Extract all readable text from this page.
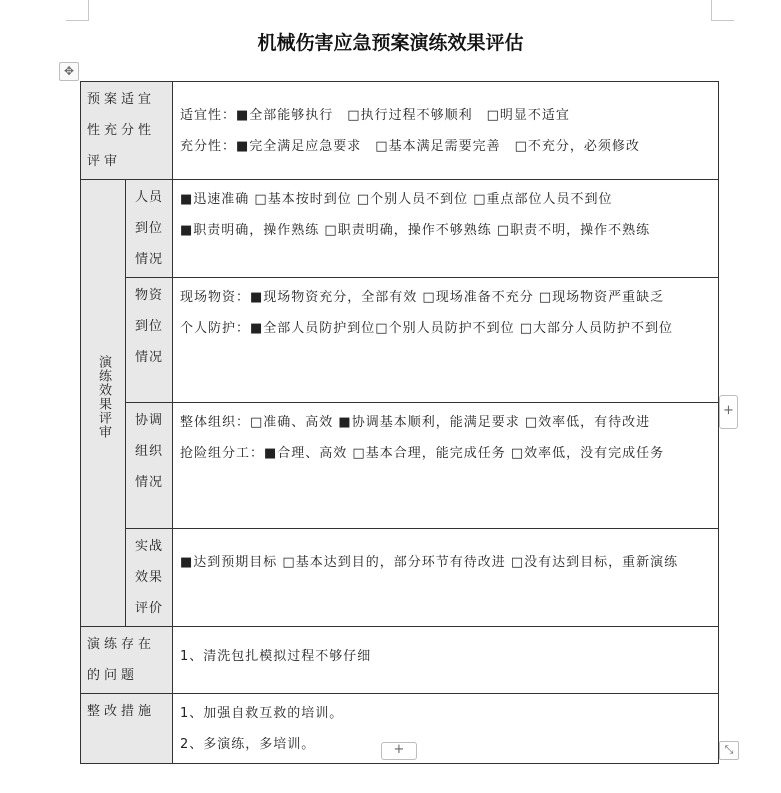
机械伤害应急预案演练效果评估
✥
预案适宜性充分性评审		适宜性：■全部能够执行　□执行过程不够顺利　□明显不适宜
充分性：■完全满足应急要求　□基本满足需要完善　□不充分，必须修改

演练效果评审	人员到位情况	■迅速准确 □基本按时到位 □个别人员不到位 □重点部位人员不到位
■职责明确，操作熟练 □职责明确，操作不够熟练 □职责不明，操作不熟练

	物资到位情况	现场物资：■现场物资充分，全部有效 □现场准备不充分 □现场物资严重缺乏
个人防护：■全部人员防护到位□个别人员防护不到位 □大部分人员防护不到位

	协调组织情况	整体组织：□准确、高效 ■协调基本顺利，能满足要求 □效率低，有待改进
抢险组分工：■合理、高效 □基本合理，能完成任务 □效率低，没有完成任务

	实战效果评价	■达到预期目标 □基本达到目的，部分环节有待改进 □没有达到目标，重新演练

演练存在的问题		1、清洗包扎模拟过程不够仔细

整改措施		1、加强自救互救的培训。
2、多演练，多培训。
+
+	⤡
